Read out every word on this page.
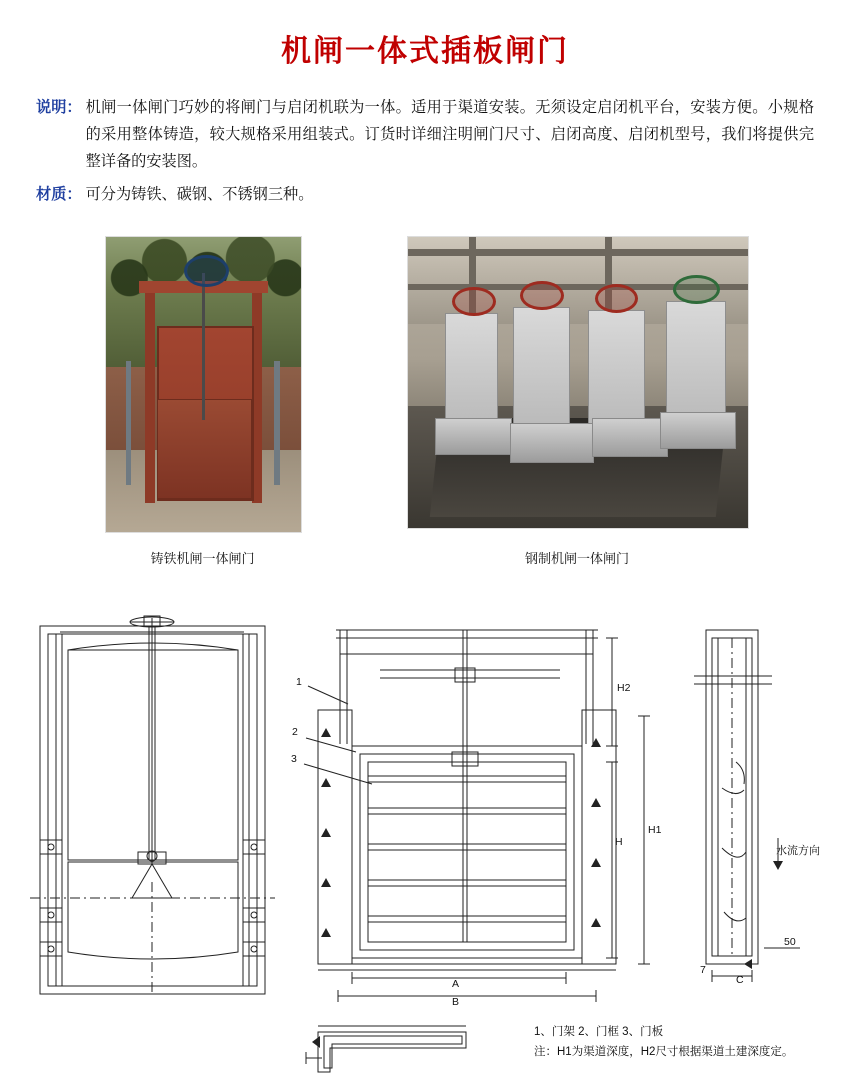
机闸一体式插板闸门
说明： 机闸一体闸门巧妙的将闸门与启闭机联为一体。适用于渠道安装。无须设定启闭机平台，安装方便。小规格的采用整体铸造，较大规格采用组装式。订货时详细注明闸门尺寸、启闭高度、启闭机型号，我们将提供完整详备的安装图。
材质： 可分为铸铁、碳钢、不锈钢三种。
铸铁机闸一体闸门	钢制机闸一体闸门
1
2
3
H2
H1
H
A
B
C
7
50
水流方向
1、门架 2、门框 3、门板
注：H1为渠道深度，H2尺寸根据渠道土建深度定。
